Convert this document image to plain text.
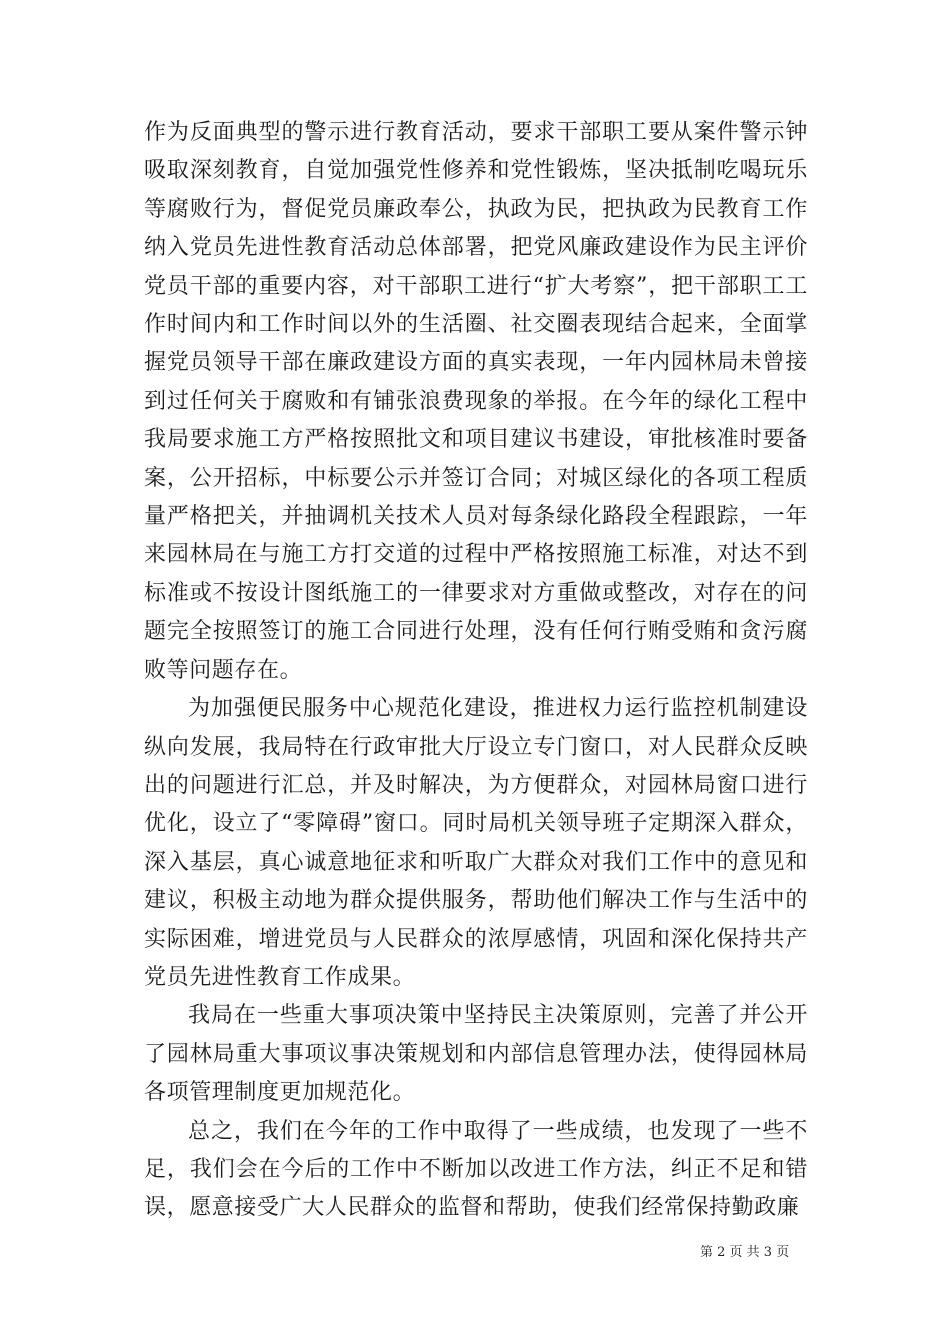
作为反面典型的警示进行教育活动，要求干部职工要从案件警示钟吸取深刻教育，自觉加强党性修养和党性锻炼，坚决抵制吃喝玩乐等腐败行为，督促党员廉政奉公，执政为民，把执政为民教育工作纳入党员先进性教育活动总体部署，把党风廉政建设作为民主评价党员干部的重要内容，对干部职工进行“扩大考察”，把干部职工工作时间内和工作时间以外的生活圈、社交圈表现结合起来，全面掌握党员领导干部在廉政建设方面的真实表现，一年内园林局未曾接到过任何关于腐败和有铺张浪费现象的举报。在今年的绿化工程中我局要求施工方严格按照批文和项目建议书建设，审批核准时要备案，公开招标，中标要公示并签订合同；对城区绿化的各项工程质量严格把关，并抽调机关技术人员对每条绿化路段全程跟踪，一年来园林局在与施工方打交道的过程中严格按照施工标准，对达不到标准或不按设计图纸施工的一律要求对方重做或整改，对存在的问题完全按照签订的施工合同进行处理，没有任何行贿受贿和贪污腐败等问题存在。

为加强便民服务中心规范化建设，推进权力运行监控机制建设纵向发展，我局特在行政审批大厅设立专门窗口，对人民群众反映出的问题进行汇总，并及时解决，为方便群众，对园林局窗口进行优化，设立了“零障碍”窗口。同时局机关领导班子定期深入群众，深入基层，真心诚意地征求和听取广大群众对我们工作中的意见和建议，积极主动地为群众提供服务，帮助他们解决工作与生活中的实际困难，增进党员与人民群众的浓厚感情，巩固和深化保持共产党员先进性教育工作成果。

我局在一些重大事项决策中坚持民主决策原则，完善了并公开了园林局重大事项议事决策规划和内部信息管理办法，使得园林局各项管理制度更加规范化。

总之，我们在今年的工作中取得了一些成绩，也发现了一些不足，我们会在今后的工作中不断加以改进工作方法，纠正不足和错误，愿意接受广大人民群众的监督和帮助，使我们经常保持勤政廉

第 2 页 共 3 页
